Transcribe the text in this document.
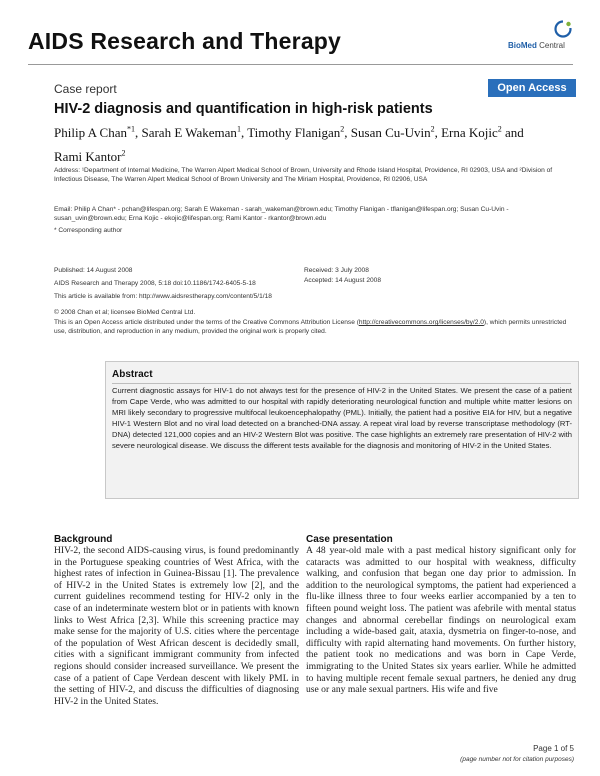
AIDS Research and Therapy	BioMed Central
Case report	Open Access
HIV-2 diagnosis and quantification in high-risk patients
Philip A Chan$^{*1}$, Sarah E Wakeman$^1$, Timothy Flanigan$^2$, Susan Cu-Uvin$^2$, Erna Kojic$^2$ and Rami Kantor$^2$
Address: ¹Department of Internal Medicine, The Warren Alpert Medical School of Brown, University and Rhode Island Hospital, Providence, RI 02903, USA and ²Division of Infectious Disease, The Warren Alpert Medical School of Brown University and The Miriam Hospital, Providence, RI 02906, USA
Email: Philip A Chan* - pchan@lifespan.org; Sarah E Wakeman - sarah_wakeman@brown.edu; Timothy Flanigan - tflanigan@lifespan.org; Susan Cu-Uvin - susan_uvin@brown.edu; Erna Kojic - ekojic@lifespan.org; Rami Kantor - rkantor@brown.edu
* Corresponding author
Published: 14 August 2008
AIDS Research and Therapy 2008, 5:18 doi:10.1186/1742-6405-5-18
Received: 3 July 2008
Accepted: 14 August 2008
This article is available from: http://www.aidsrestherapy.com/content/5/1/18
© 2008 Chan et al; licensee BioMed Central Ltd.
This is an Open Access article distributed under the terms of the Creative Commons Attribution License (http://creativecommons.org/licenses/by/2.0), which permits unrestricted use, distribution, and reproduction in any medium, provided the original work is properly cited.
Abstract
Current diagnostic assays for HIV-1 do not always test for the presence of HIV-2 in the United States. We present the case of a patient from Cape Verde, who was admitted to our hospital with rapidly deteriorating neurological function and multiple white matter lesions on MRI likely secondary to progressive multifocal leukoencephalopathy (PML). Initially, the patient had a positive EIA for HIV, but a negative HIV-1 Western Blot and no viral load detected on a branched-DNA assay. A repeat viral load by reverse transcriptase methodology (RT-DNA) detected 121,000 copies and an HIV-2 Western Blot was positive. The case highlights an extremely rare presentation of HIV-2 with severe neurological disease. We discuss the different tests available for the diagnosis and monitoring of HIV-2 in the United States.
Background
HIV-2, the second AIDS-causing virus, is found predominantly in the Portuguese speaking countries of West Africa, with the highest rates of infection in Guinea-Bissau [1]. The prevalence of HIV-2 in the United States is extremely low [2], and the current guidelines recommend testing for HIV-2 only in the case of an indeterminate western blot or in patients with known links to West Africa [2,3]. While this screening practice may make sense for the majority of U.S. cities where the percentage of the population of West African descent is decidedly small, cities with a significant immigrant community from infected regions should consider increased surveillance. We present the case of a patient of Cape Verdean descent with likely PML in the setting of HIV-2, and discuss the difficulties of diagnosing HIV-2 in the United States.
Case presentation
A 48 year-old male with a past medical history significant only for cataracts was admitted to our hospital with weakness, difficulty walking, and confusion that began one day prior to admission. In addition to the neurological symptoms, the patient had experienced a flu-like illness three to four weeks earlier accompanied by a ten to fifteen pound weight loss. The patient was afebrile with mental status changes and abnormal cerebellar findings on neurological exam including a wide-based gait, ataxia, dysmetria on finger-to-nose, and difficulty with rapid alternating hand movements. On further history, the patient took no medications and was born in Cape Verde, immigrating to the United States six years earlier. While he admitted to having multiple recent female sexual partners, he denied any drug use or any male sexual partners. His wife and five
Page 1 of 5
(page number not for citation purposes)
